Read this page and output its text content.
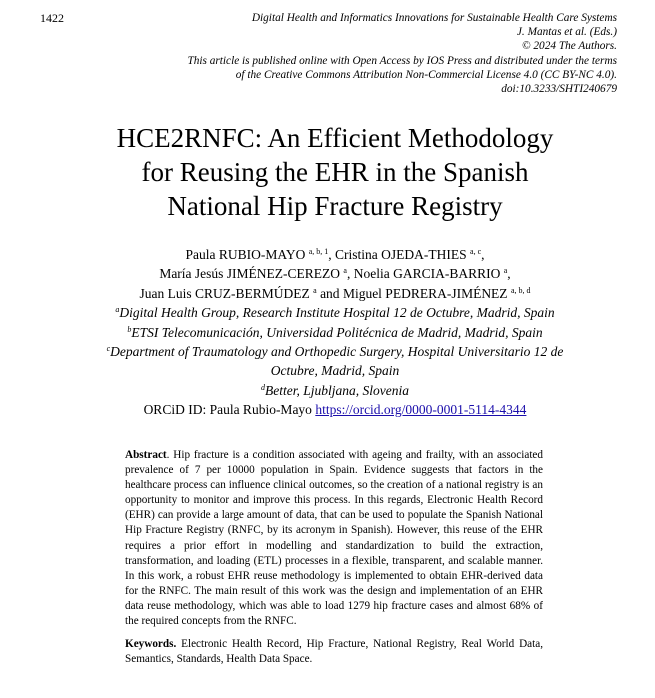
1422	Digital Health and Informatics Innovations for Sustainable Health Care Systems
J. Mantas et al. (Eds.)
© 2024 The Authors.
This article is published online with Open Access by IOS Press and distributed under the terms
of the Creative Commons Attribution Non-Commercial License 4.0 (CC BY-NC 4.0).
doi:10.3233/SHTI240679
HCE2RNFC: An Efficient Methodology
for Reusing the EHR in the Spanish
National Hip Fracture Registry
Paula RUBIO-MAYO $^{a, b, 1}$, Cristina OJEDA-THIES $^{a, c}$,
María Jesús JIMÉNEZ-CEREZO $^a$, Noelia GARCIA-BARRIO $^a$,
Juan Luis CRUZ-BERMÚDEZ $^a$ and Miguel PEDRERA-JIMÉNEZ $^{a, b, d}$
$^a$Digital Health Group, Research Institute Hospital 12 de Octubre, Madrid, Spain
$^b$ETSI Telecomunicación, Universidad Politécnica de Madrid, Madrid, Spain
$^c$Department of Traumatology and Orthopedic Surgery, Hospital Universitario 12 de
Octubre, Madrid, Spain
$^d$Better, Ljubljana, Slovenia
ORCiD ID: Paula Rubio-Mayo https://orcid.org/0000-0001-5114-4344

Abstract. Hip fracture is a condition associated with ageing and frailty, with an associated prevalence of 7 per 10000 population in Spain. Evidence suggests that factors in the healthcare process can influence clinical outcomes, so the creation of a national registry is an opportunity to monitor and improve this process. In this regards, Electronic Health Record (EHR) can provide a large amount of data, that can be used to populate the Spanish National Hip Fracture Registry (RNFC, by its acronym in Spanish). However, this reuse of the EHR requires a prior effort in modelling and standardization to build the extraction, transformation, and loading (ETL) processes in a flexible, transparent, and scalable manner. In this work, a robust EHR reuse methodology is implemented to obtain EHR-derived data for the RNFC. The main result of this work was the design and implementation of an EHR data reuse methodology, which was able to load 1279 hip fracture cases and almost 68% of the required concepts from the RNFC.

Keywords. Electronic Health Record, Hip Fracture, National Registry, Real World Data, Semantics, Standards, Health Data Space.
